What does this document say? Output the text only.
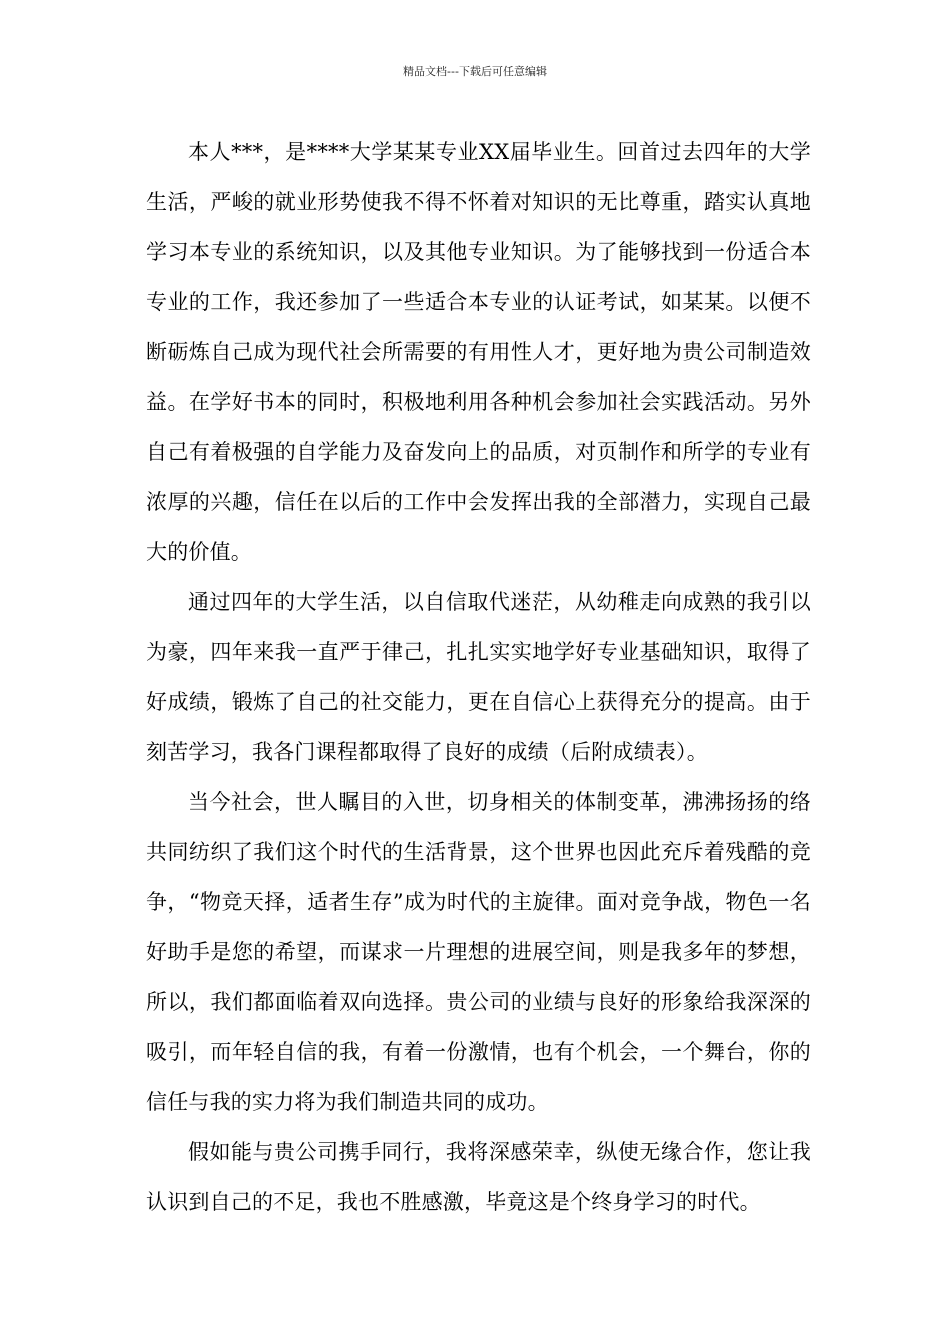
精品文档---下载后可任意编辑

本人***，是****大学某某专业XX届毕业生。回首过去四年的大学生活，严峻的就业形势使我不得不怀着对知识的无比尊重，踏实认真地学习本专业的系统知识，以及其他专业知识。为了能够找到一份适合本专业的工作，我还参加了一些适合本专业的认证考试，如某某。以便不断砺炼自己成为现代社会所需要的有用性人才，更好地为贵公司制造效益。在学好书本的同时，积极地利用各种机会参加社会实践活动。另外自己有着极强的自学能力及奋发向上的品质，对页制作和所学的专业有浓厚的兴趣，信任在以后的工作中会发挥出我的全部潜力，实现自己最大的价值。

通过四年的大学生活，以自信取代迷茫，从幼稚走向成熟的我引以为豪，四年来我一直严于律己，扎扎实实地学好专业基础知识，取得了好成绩，锻炼了自己的社交能力，更在自信心上获得充分的提高。由于刻苦学习，我各门课程都取得了良好的成绩（后附成绩表）。

当今社会，世人瞩目的入世，切身相关的体制变革，沸沸扬扬的络共同纺织了我们这个时代的生活背景，这个世界也因此充斥着残酷的竞争，“物竞天择，适者生存”成为时代的主旋律。面对竞争战，物色一名好助手是您的希望，而谋求一片理想的进展空间，则是我多年的梦想，所以，我们都面临着双向选择。贵公司的业绩与良好的形象给我深深的吸引，而年轻自信的我，有着一份激情，也有个机会，一个舞台，你的信任与我的实力将为我们制造共同的成功。

假如能与贵公司携手同行，我将深感荣幸，纵使无缘合作，您让我认识到自己的不足，我也不胜感激，毕竟这是个终身学习的时代。
